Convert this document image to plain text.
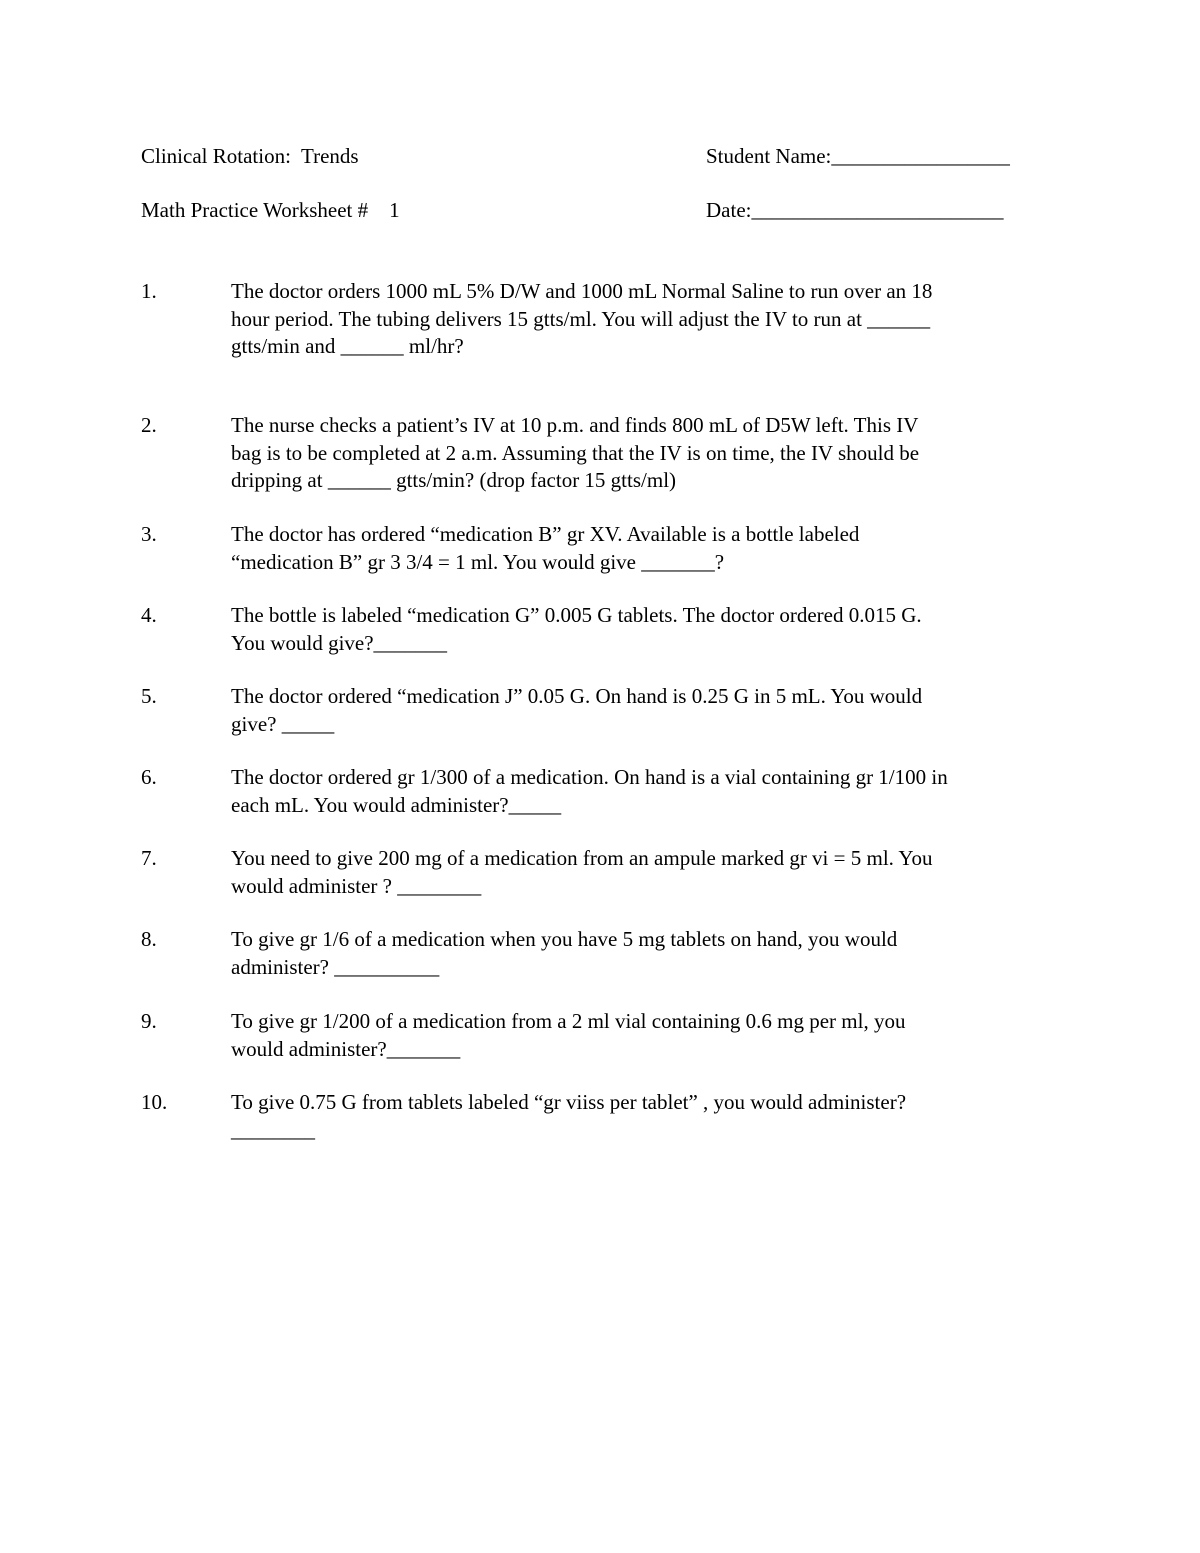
Clinical Rotation:  Trends
Math Practice Worksheet #    1
Student Name:_________________
Date:________________________
1.	The doctor orders 1000 mL 5% D/W and 1000 mL Normal Saline to run over an 18
hour period. The tubing delivers 15 gtts/ml. You will adjust the IV to run at ______
gtts/min and ______ ml/hr?
2.	The nurse checks a patient’s IV at 10 p.m. and finds 800 mL of D5W left. This IV
bag is to be completed at 2 a.m. Assuming that the IV is on time, the IV should be
dripping at ______ gtts/min? (drop factor 15 gtts/ml)
3.	The doctor has ordered “medication B” gr XV. Available is a bottle labeled
“medication B” gr 3 3/4 = 1 ml. You would give _______?
4.	The bottle is labeled “medication G” 0.005 G tablets. The doctor ordered 0.015 G.
You would give?_______
5.	The doctor ordered “medication J” 0.05 G. On hand is 0.25 G in 5 mL. You would
give? _____
6.	The doctor ordered gr 1/300 of a medication. On hand is a vial containing gr 1/100 in
each mL. You would administer?_____
7.	You need to give 200 mg of a medication from an ampule marked gr vi = 5 ml. You
would administer ? ________
8.	To give gr 1/6 of a medication when you have 5 mg tablets on hand, you would
administer? __________
9.	To give gr 1/200 of a medication from a 2 ml vial containing 0.6 mg per ml, you
would administer?_______
10.	To give 0.75 G from tablets labeled “gr viiss per tablet” , you would administer?
________
